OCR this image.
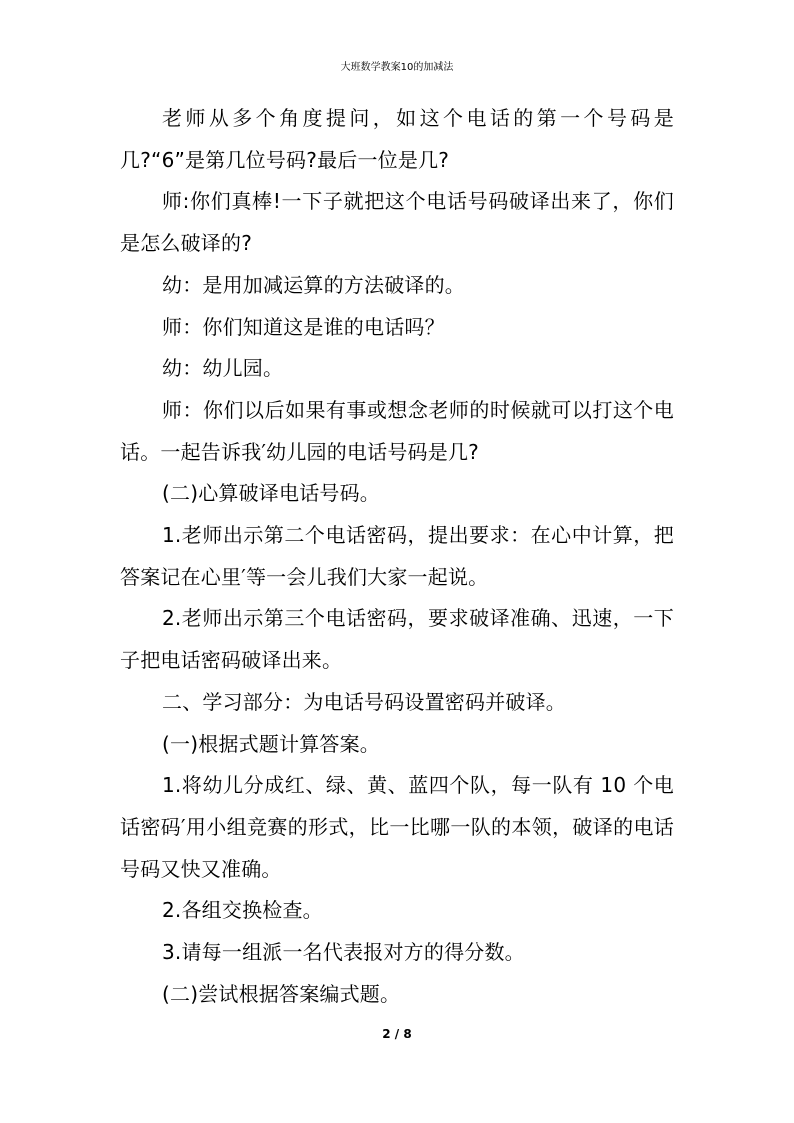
大班数学教案10的加减法

老师从多个角度提问，如这个电话的第一个号码是几?“6”是第几位号码?最后一位是几?

师:你们真棒!一下子就把这个电话号码破译出来了，你们是怎么破译的?

幼：是用加减运算的方法破译的。

师：你们知道这是谁的电话吗？

幼：幼儿园。

师：你们以后如果有事或想念老师的时候就可以打这个电话。一起告诉我′幼儿园的电话号码是几?

(二)心算破译电话号码。

1.老师出示第二个电话密码，提出要求：在心中计算，把答案记在心里′等一会儿我们大家一起说。

2.老师出示第三个电话密码，要求破译准确、迅速，一下子把电话密码破译出来。

二、学习部分：为电话号码设置密码并破译。

(一)根据式题计算答案。

1.将幼儿分成红、绿、黄、蓝四个队，每一队有 10 个电话密码′用小组竞赛的形式，比一比哪一队的本领，破译的电话号码又快又准确。

2.各组交换检查。

3.请每一组派一名代表报对方的得分数。

(二)尝试根据答案编式题。

2 / 8
